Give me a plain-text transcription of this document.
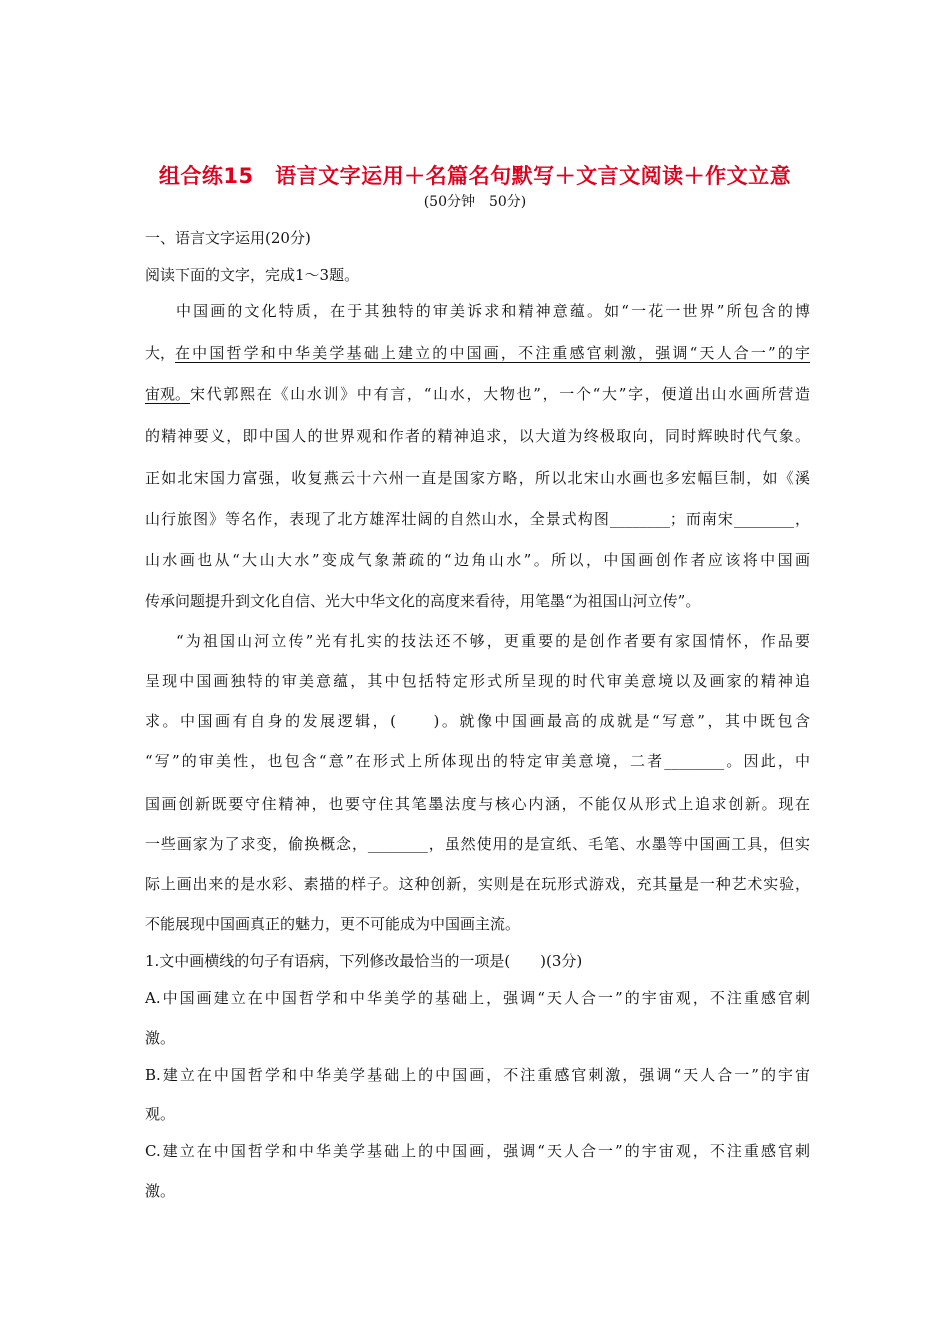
组合练15　语言文字运用＋名篇名句默写＋文言文阅读＋作文立意
(50分钟　50分)
一、语言文字运用(20分)
阅读下面的文字，完成1～3题。
中国画的文化特质，在于其独特的审美诉求和精神意蕴。如“一花一世界”所包含的博
大， 在中国哲学和中华美学基础上建立的中国画，不注重感官刺激，强调“天人合一”的宇
宙观。 宋代郭熙在《山水训》中有言，“山水，大物也”，一个“大”字，便道出山水画所营造
的精神要义，即中国人的世界观和作者的精神追求，以大道为终极取向，同时辉映时代气象。
正如北宋国力富强，收复燕云十六州一直是国家方略，所以北宋山水画也多宏幅巨制，如《溪
山行旅图》等名作，表现了北方雄浑壮阔的自然山水，全景式构图________；而南宋________，
山水画也从“大山大水”变成气象萧疏的“边角山水”。所以，中国画创作者应该将中国画
传承问题提升到文化自信、光大中华文化的高度来看待，用笔墨“为祖国山河立传”。
“为祖国山河立传”光有扎实的技法还不够，更重要的是创作者要有家国情怀，作品要
呈现中国画独特的审美意蕴，其中包括特定形式所呈现的时代审美意境以及画家的精神追
求。中国画有自身的发展逻辑，(　　)。就像中国画最高的成就是“写意”，其中既包含
“写”的审美性，也包含“意”在形式上所体现出的特定审美意境，二者________。因此，中
国画创新既要守住精神，也要守住其笔墨法度与核心内涵，不能仅从形式上追求创新。现在
一些画家为了求变，偷换概念，________，虽然使用的是宣纸、毛笔、水墨等中国画工具，但实
际上画出来的是水彩、素描的样子。这种创新，实则是在玩形式游戏，充其量是一种艺术实验，
不能展现中国画真正的魅力，更不可能成为中国画主流。
1.文中画横线的句子有语病，下列修改最恰当的一项是(　　)(3分)
A.中国画建立在中国哲学和中华美学的基础上，强调“天人合一”的宇宙观，不注重感官刺
激。
B.建立在中国哲学和中华美学基础上的中国画，不注重感官刺激，强调“天人合一”的宇宙
观。
C.建立在中国哲学和中华美学基础上的中国画，强调“天人合一”的宇宙观，不注重感官刺
激。
